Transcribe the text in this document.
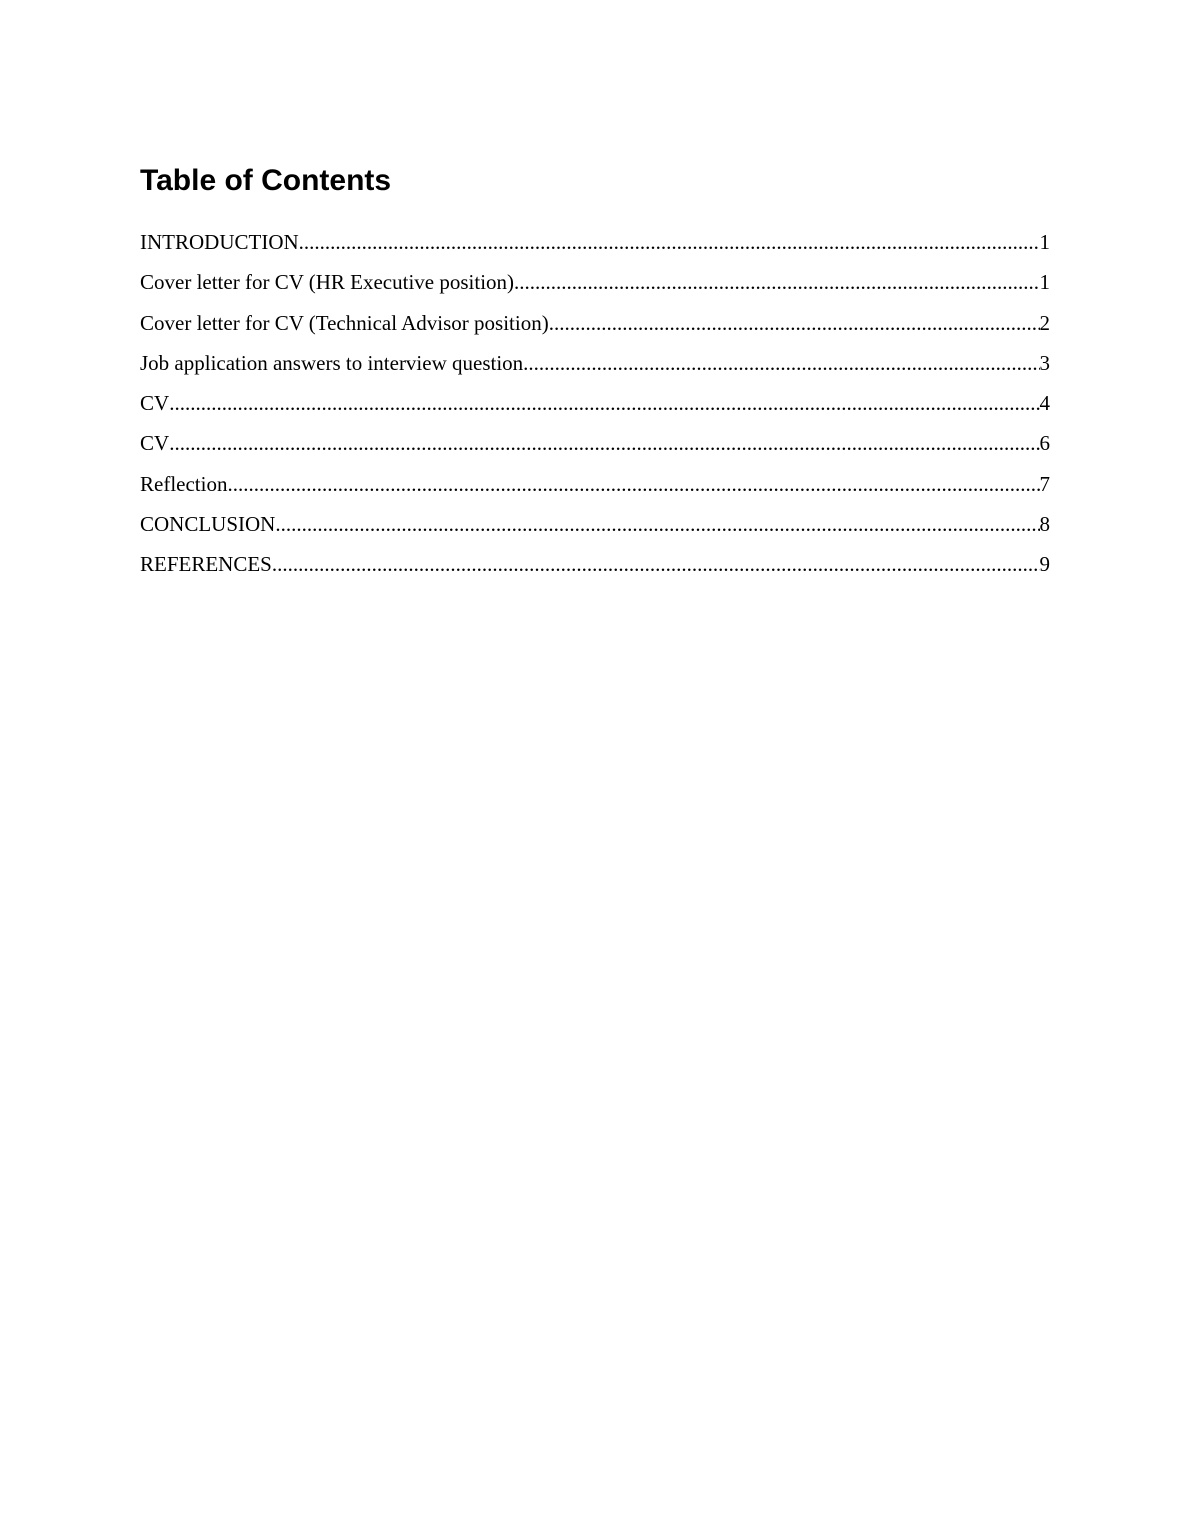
Table of Contents
INTRODUCTION .....	1
Cover letter for CV (HR Executive position) .....	1
Cover letter for CV (Technical Advisor position) .....	2
Job application answers to interview question .....	3
CV .....	4
CV .....	6
Reflection .....	7
CONCLUSION .....	8
REFERENCES .....	9
